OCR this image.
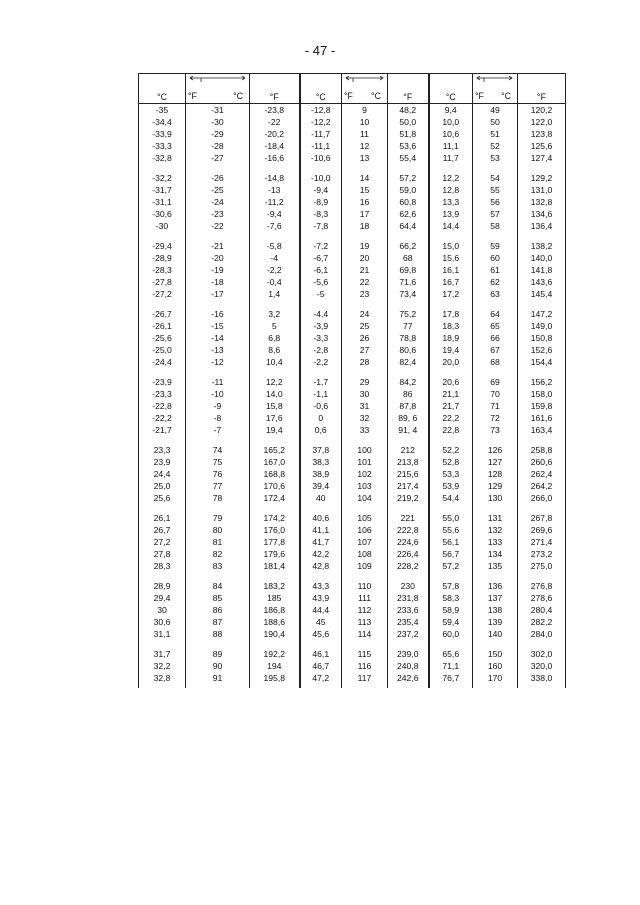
- 47 -
°C	°F °C	°F	°C	°F °C	°F	°C	°F °C	°F
-35	-31	-23,8	-12,8	9	48,2	9,4	49	120,2
-34,4	-30	-22	-12,2	10	50,0	10,0	50	122,0
-33,9	-29	-20,2	-11,7	11	51,8	10,6	51	123,8
-33,3	-28	-18,4	-11,1	12	53,6	11,1	52	125,6
-32,8	-27	-16,6	-10,6	13	55,4	11,7	53	127,4

-32,2	-26	-14,8	-10,0	14	57,2	12,2	54	129,2
-31,7	-25	-13	-9,4	15	59,0	12,8	55	131,0
-31,1	-24	-11,2	-8,9	16	60,8	13,3	56	132,8
-30,6	-23	-9,4	-8,3	17	62,6	13,9	57	134,6
-30	-22	-7,6	-7,8	18	64,4	14,4	58	136,4

-29,4	-21	-5,8	-7,2	19	66,2	15,0	59	138,2
-28,9	-20	-4	-6,7	20	68	15,6	60	140,0
-28,3	-19	-2,2	-6,1	21	69,8	16,1	61	141,8
-27,8	-18	-0,4	-5,6	22	71,6	16,7	62	143,6
-27,2	-17	1,4	-5	23	73,4	17,2	63	145,4

-26,7	-16	3,2	-4,4	24	75,2	17,8	64	147,2
-26,1	-15	5	-3,9	25	77	18,3	65	149,0
-25,6	-14	6,8	-3,3	26	78,8	18,9	66	150,8
-25,0	-13	8,6	-2,8	27	80,6	19,4	67	152,6
-24,4	-12	10,4	-2,2	28	82,4	20,0	68	154,4

-23,9	-11	12,2	-1,7	29	84,2	20,6	69	156,2
-23,3	-10	14,0	-1,1	30	86	21,1	70	158,0
-22,8	-9	15,8	-0,6	31	87,8	21,7	71	159,8
-22,2	-8	17,6	0	32	89, 6	22,2	72	161,6
-21,7	-7	19,4	0,6	33	91, 4	22,8	73	163,4

23,3	74	165,2	37,8	100	212	52,2	126	258,8
23,9	75	167,0	38,3	101	213,8	52,8	127	260,6
24,4	76	168,8	38,9	102	215,6	53,3	128	262,4
25,0	77	170,6	39,4	103	217,4	53,9	129	264,2
25,6	78	172,4	40	104	219,2	54,4	130	266,0

26,1	79	174,2	40,6	105	221	55,0	131	267,8
26,7	80	176,0	41,1	106	222,8	55,6	132	269,6
27,2	81	177,8	41,7	107	224,6	56,1	133	271,4
27,8	82	179,6	42,2	108	226,4	56,7	134	273,2
28,3	83	181,4	42,8	109	228,2	57,2	135	275,0

28,9	84	183,2	43,3	110	230	57,8	136	276,8
29,4	85	185	43,9	111	231,8	58,3	137	278,6
30	86	186,8	44,4	112	233,6	58,9	138	280,4
30,6	87	188,6	45	113	235,4	59,4	139	282,2
31,1	88	190,4	45,6	114	237,2	60,0	140	284,0

31,7	89	192,2	46,1	115	239,0	65,6	150	302,0
32,2	90	194	46,7	116	240,8	71,1	160	320,0
32,8	91	195,8	47,2	117	242,6	76,7	170	338,0
